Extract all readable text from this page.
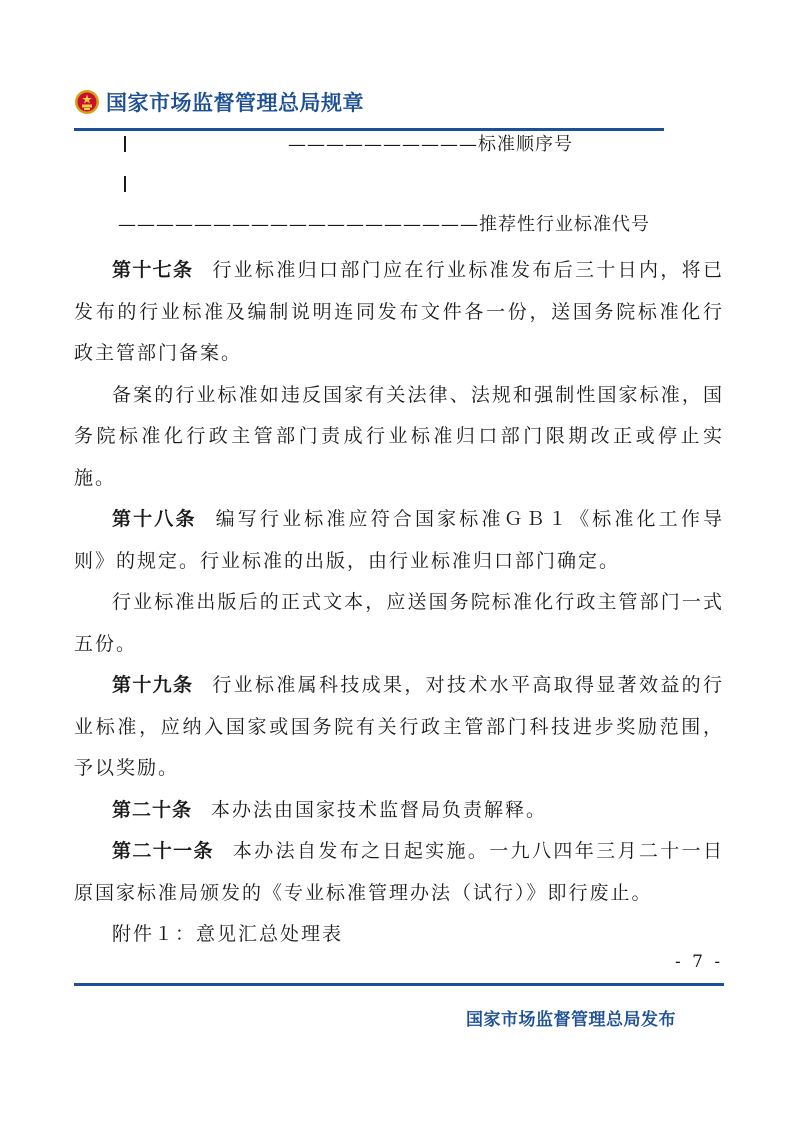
国家市场监督管理总局规章
——————————标准顺序号
———————————————————推荐性行业标准代号

第十七条 行业标准归口部门应在行业标准发布后三十日内，将已发布的行业标准及编制说明连同发布文件各一份，送国务院标准化行政主管部门备案。

备案的行业标准如违反国家有关法律、法规和强制性国家标准，国务院标准化行政主管部门责成行业标准归口部门限期改正或停止实施。

第十八条 编写行业标准应符合国家标准ＧＢ１《标准化工作导则》的规定。行业标准的出版，由行业标准归口部门确定。

行业标准出版后的正式文本，应送国务院标准化行政主管部门一式五份。

第十九条 行业标准属科技成果，对技术水平高取得显著效益的行业标准，应纳入国家或国务院有关行政主管部门科技进步奖励范围，予以奖励。

第二十条 本办法由国家技术监督局负责解释。

第二十一条 本办法自发布之日起实施。一九八四年三月二十一日原国家标准局颁发的《专业标准管理办法（试行）》即行废止。

附件１：意见汇总处理表

- 7 -
国家市场监督管理总局发布
